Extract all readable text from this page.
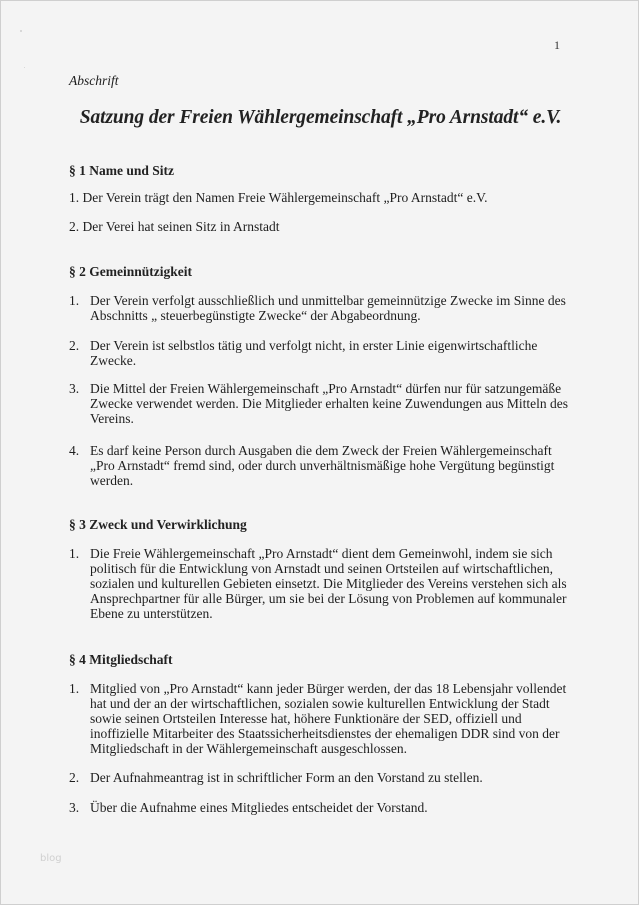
1
Abschrift
Satzung der Freien Wählergemeinschaft „Pro Arnstadt“ e.V.
§ 1 Name und Sitz
1. Der Verein trägt den Namen Freie Wählergemeinschaft „Pro Arnstadt“ e.V.
2. Der Verei hat seinen Sitz in Arnstadt
§ 2 Gemeinnützigkeit
1. Der Verein verfolgt ausschließlich und unmittelbar gemeinnützige Zwecke im Sinne des Abschnitts „ steuerbegünstigte Zwecke“ der Abgabeordnung.
2. Der Verein ist selbstlos tätig und verfolgt nicht, in erster Linie eigenwirtschaftliche Zwecke.
3. Die Mittel der Freien Wählergemeinschaft „Pro Arnstadt“ dürfen nur für satzungemäße Zwecke verwendet werden. Die Mitglieder erhalten keine Zuwendungen aus Mitteln des Vereins.
4. Es darf keine Person durch Ausgaben die dem Zweck der Freien Wählergemeinschaft „Pro Arnstadt“ fremd sind, oder durch unverhältnismäßige hohe Vergütung begünstigt werden.
§ 3 Zweck und Verwirklichung
1. Die Freie Wählergemeinschaft „Pro Arnstadt“ dient dem Gemeinwohl, indem sie sich politisch für die Entwicklung von Arnstadt und seinen Ortsteilen auf wirtschaftlichen, sozialen und kulturellen Gebieten einsetzt. Die Mitglieder des Vereins verstehen sich als Ansprechpartner für alle Bürger, um sie bei der Lösung von Problemen auf kommunaler Ebene zu unterstützen.
§ 4 Mitgliedschaft
1. Mitglied von „Pro Arnstadt“ kann jeder Bürger werden, der das 18 Lebensjahr vollendet hat und der an der wirtschaftlichen, sozialen sowie kulturellen Entwicklung der Stadt sowie seinen Ortsteilen Interesse hat, höhere Funktionäre der SED, offiziell und inoffizielle Mitarbeiter des Staatssicherheitsdienstes der ehemaligen DDR sind von der Mitgliedschaft in der Wählergemeinschaft ausgeschlossen.
2. Der Aufnahmeantrag ist in schriftlicher Form an den Vorstand zu stellen.
3. Über die Aufnahme eines Mitgliedes entscheidet der Vorstand.
blog
